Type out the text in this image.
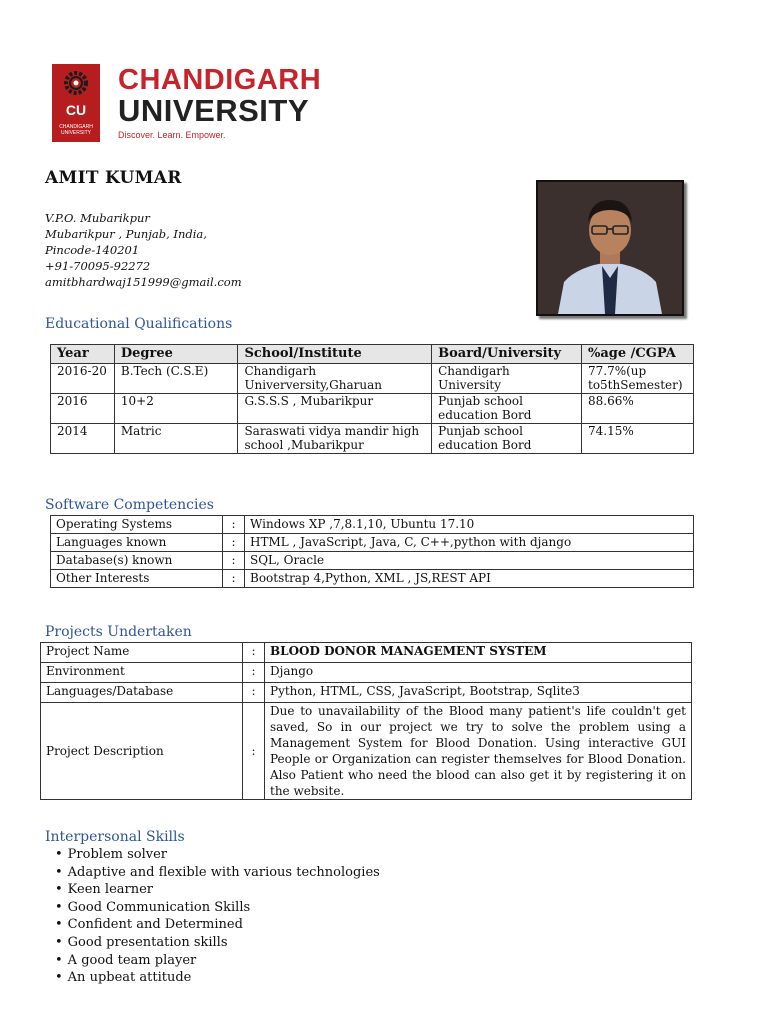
CU
CHANDIGARH UNIVERSITY
CHANDIGARH
UNIVERSITY
Discover. Learn. Empower.
AMIT KUMAR
V.P.O. Mubarikpur
Mubarikpur , Punjab, India,
Pincode-140201
+91-70095-92272
amitbhardwaj151999@gmail.com
Educational Qualifications
Year	Degree	School/Institute	Board/University	%age /CGPA
2016-20	B.Tech (C.S.E)	Chandigarh Univerversity,Gharuan	Chandigarh University	77.7%(up to5thSemester)
2016	10+2	G.S.S.S , Mubarikpur	Punjab school education Bord	88.66%
2014	Matric	Saraswati vidya mandir high school ,Mubarikpur	Punjab school education Bord	74.15%
Software Competencies
Operating Systems	:	Windows XP ,7,8.1,10, Ubuntu 17.10
Languages known	:	HTML , JavaScript, Java, C, C++,python with django
Database(s) known	:	SQL, Oracle
Other Interests	:	Bootstrap 4,Python, XML , JS,REST API
Projects Undertaken
Project Name	:	BLOOD DONOR MANAGEMENT SYSTEM
Environment	:	Django
Languages/Database	:	Python, HTML, CSS, JavaScript, Bootstrap, Sqlite3
Project Description	:	Due to unavailability of the Blood many patient's life couldn't get saved, So in our project we try to solve the problem using a Management System for Blood Donation. Using interactive GUI People or Organization can register themselves for Blood Donation. Also Patient who need the blood can also get it by registering it on the website.
Interpersonal Skills
• Problem solver
• Adaptive and flexible with various technologies
• Keen learner
• Good Communication Skills
• Confident and Determined
• Good presentation skills
• A good team player
• An upbeat attitude
